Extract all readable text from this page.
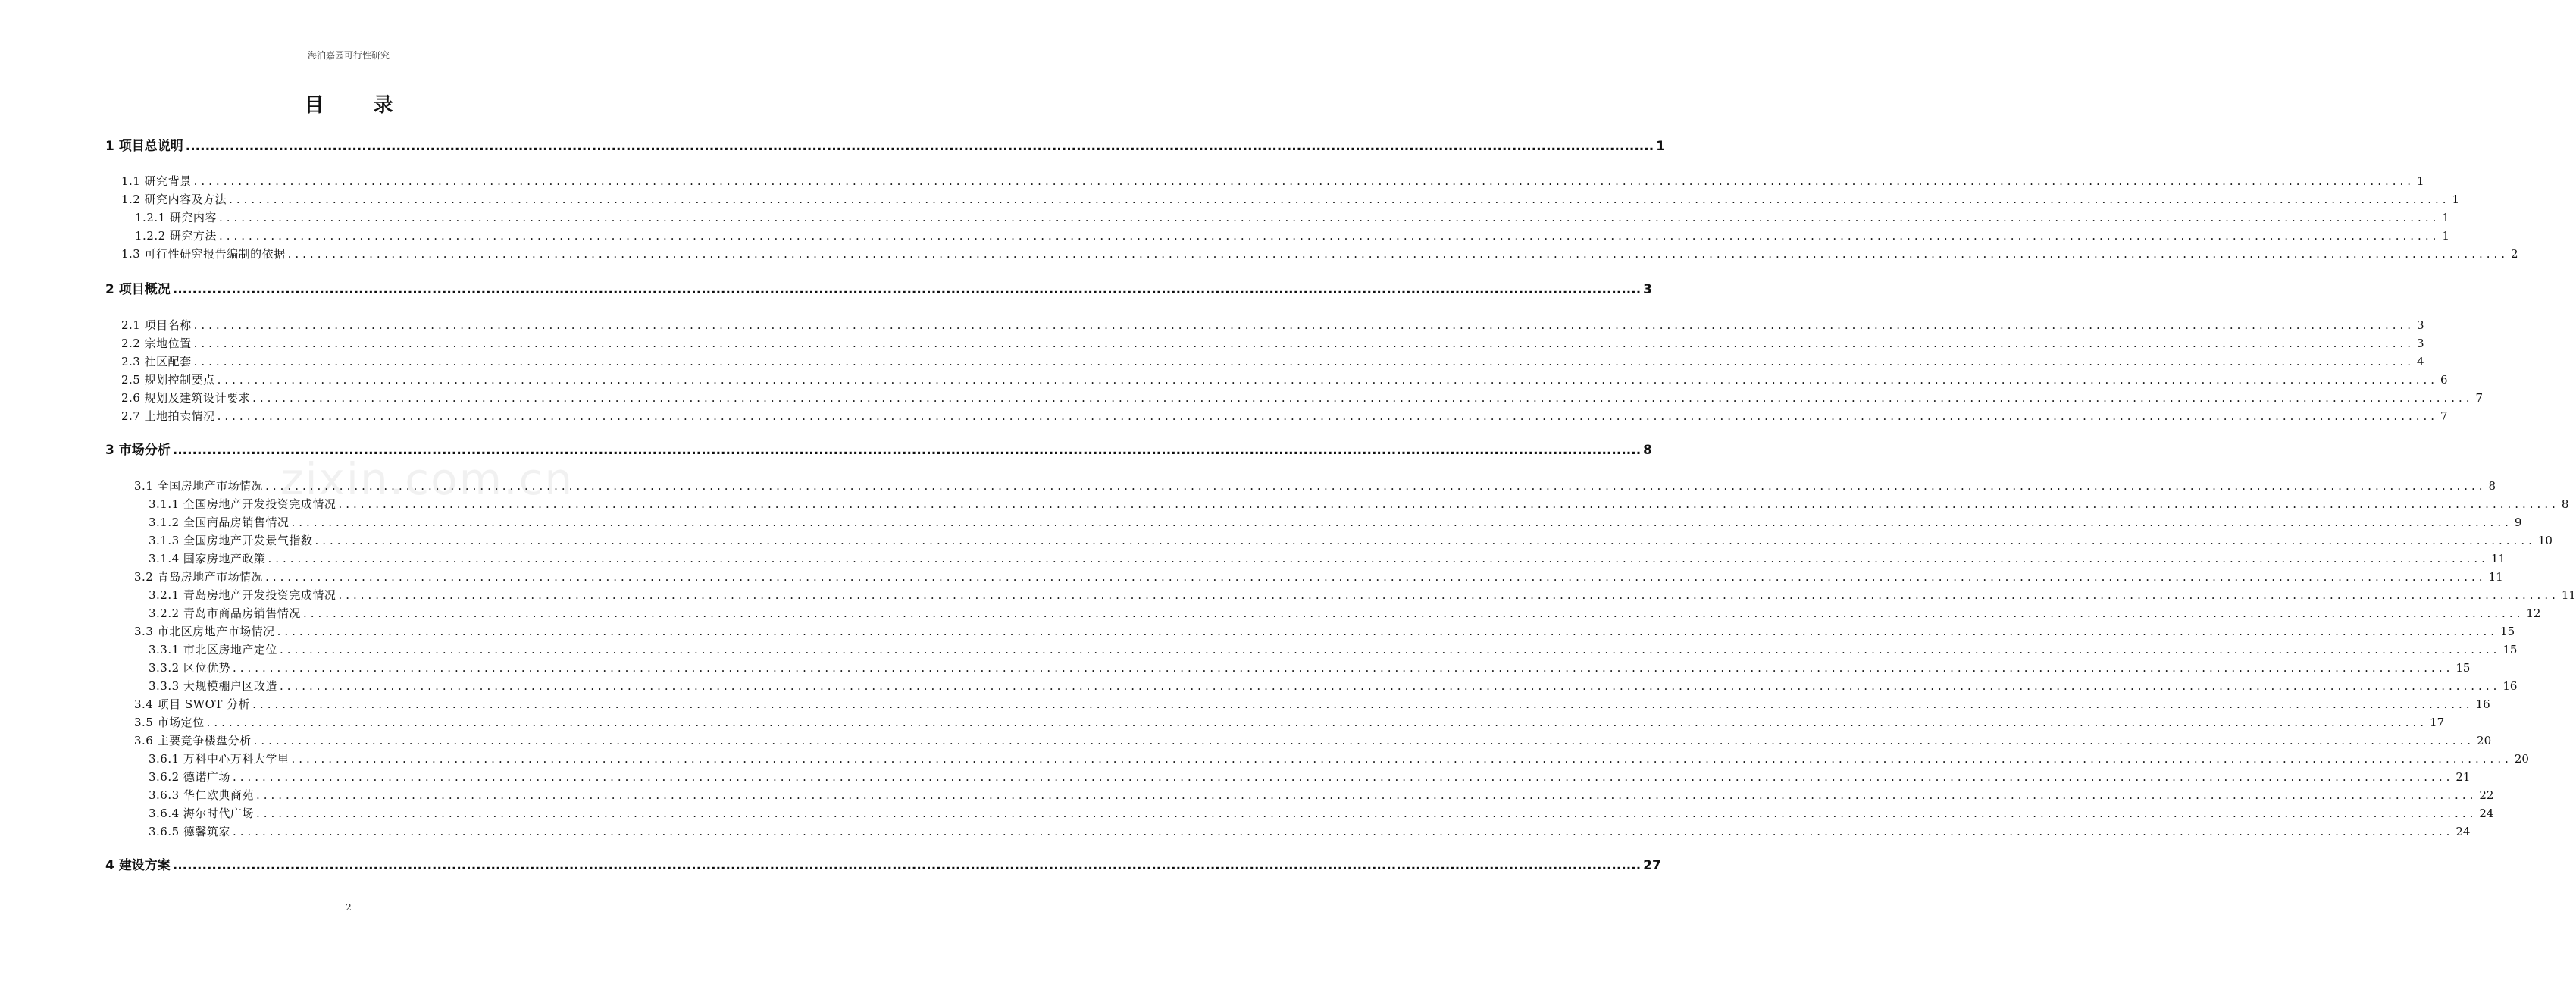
海泊嘉园可行性研究
zixin.com.cn
目 录
1 项目总说明 ............................................................................................................................................................................................................................................................................................................ 1
1.1 研究背景 ............................................................................................................................................................................................................................................................................................................ 1
1.2 研究内容及方法 ............................................................................................................................................................................................................................................................................................................ 1
1.2.1 研究内容 ............................................................................................................................................................................................................................................................................................................ 1
1.2.2 研究方法 ............................................................................................................................................................................................................................................................................................................ 1
1.3 可行性研究报告编制的依据 ............................................................................................................................................................................................................................................................................................................ 2
2 项目概况 ............................................................................................................................................................................................................................................................................................................ 3
2.1 项目名称 ............................................................................................................................................................................................................................................................................................................ 3
2.2 宗地位置 ............................................................................................................................................................................................................................................................................................................ 3
2.3 社区配套 ............................................................................................................................................................................................................................................................................................................ 4
2.5 规划控制要点 ............................................................................................................................................................................................................................................................................................................ 6
2.6 规划及建筑设计要求 ............................................................................................................................................................................................................................................................................................................ 7
2.7 土地拍卖情况 ............................................................................................................................................................................................................................................................................................................ 7
3 市场分析 ............................................................................................................................................................................................................................................................................................................ 8
3.1 全国房地产市场情况 ............................................................................................................................................................................................................................................................................................................ 8
3.1.1 全国房地产开发投资完成情况 ............................................................................................................................................................................................................................................................................................................ 8
3.1.2 全国商品房销售情况 ............................................................................................................................................................................................................................................................................................................ 9
3.1.3 全国房地产开发景气指数 ............................................................................................................................................................................................................................................................................................................ 10
3.1.4 国家房地产政策 ............................................................................................................................................................................................................................................................................................................ 11
3.2 青岛房地产市场情况 ............................................................................................................................................................................................................................................................................................................ 11
3.2.1 青岛房地产开发投资完成情况 ............................................................................................................................................................................................................................................................................................................ 11
3.2.2 青岛市商品房销售情况 ............................................................................................................................................................................................................................................................................................................ 12
3.3 市北区房地产市场情况 ............................................................................................................................................................................................................................................................................................................ 15
3.3.1 市北区房地产定位 ............................................................................................................................................................................................................................................................................................................ 15
3.3.2 区位优势 ............................................................................................................................................................................................................................................................................................................ 15
3.3.3 大规模棚户区改造 ............................................................................................................................................................................................................................................................................................................ 16
3.4 项目 SWOT 分析 ............................................................................................................................................................................................................................................................................................................ 16
3.5 市场定位 ............................................................................................................................................................................................................................................................................................................ 17
3.6 主要竞争楼盘分析 ............................................................................................................................................................................................................................................................................................................ 20
3.6.1 万科中心万科大学里 ............................................................................................................................................................................................................................................................................................................ 20
3.6.2 德诺广场 ............................................................................................................................................................................................................................................................................................................ 21
3.6.3 华仁欧典商苑 ............................................................................................................................................................................................................................................................................................................ 22
3.6.4 海尔时代广场 ............................................................................................................................................................................................................................................................................................................ 24
3.6.5 德馨筑家 ............................................................................................................................................................................................................................................................................................................ 24
4 建设方案 ............................................................................................................................................................................................................................................................................................................ 27
2
